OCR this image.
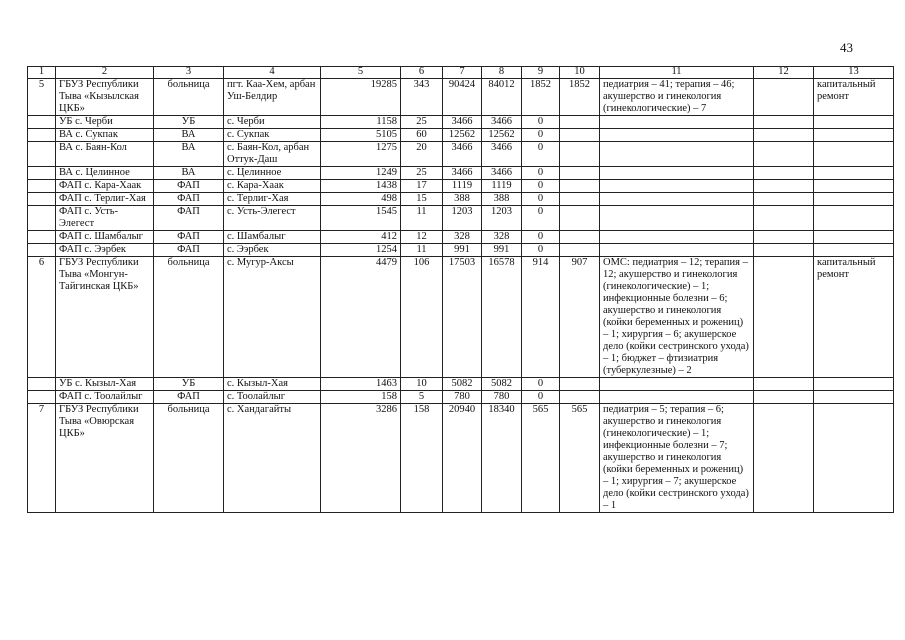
43
1	2	3	4	5	6	7	8	9	10	11	12	13
5	ГБУЗ Республики Тыва «Кызылская ЦКБ»	больница	пгт. Каа-Хем, арбан Уш-Белдир	19285	343	90424	84012	1852	1852	педиатрия – 41; терапия – 46; акушерство и гинекология (гинекологические) – 7		капитальный ремонт
	УБ с. Черби	УБ	с. Черби	1158	25	3466	3466	0				
	ВА с. Сукпак	ВА	с. Сукпак	5105	60	12562	12562	0				
	ВА с. Баян-Кол	ВА	с. Баян-Кол, арбан Оттук-Даш	1275	20	3466	3466	0				
	ВА с. Целинное	ВА	с. Целинное	1249	25	3466	3466	0				
	ФАП с. Кара-Хаак	ФАП	с. Кара-Хаак	1438	17	1119	1119	0				
	ФАП с. Терлиг-Хая	ФАП	с. Терлиг-Хая	498	15	388	388	0				
	ФАП с. Усть-Элегест	ФАП	с. Усть-Элегест	1545	11	1203	1203	0				
	ФАП с. Шамбалыг	ФАП	с. Шамбалыг	412	12	328	328	0				
	ФАП с. Ээрбек	ФАП	с. Ээрбек	1254	11	991	991	0				
6	ГБУЗ Республики Тыва «Монгун-Тайгинская ЦКБ»	больница	с. Мугур-Аксы	4479	106	17503	16578	914	907	ОМС: педиатрия – 12; терапия – 12; акушерство и гинекология (гинекологические) – 1; инфекционные болезни – 6; акушерство и гинекология (койки беременных и рожениц) – 1; хирургия – 6; акушерское дело (койки сестринского ухода) – 1; бюджет – фтизиатрия (туберкулезные) – 2		капитальный ремонт
	УБ с. Кызыл-Хая	УБ	с. Кызыл-Хая	1463	10	5082	5082	0				
	ФАП с. Тоолайлыг	ФАП	с. Тоолайлыг	158	5	780	780	0				
7	ГБУЗ Республики Тыва «Овюрская ЦКБ»	больница	с. Хандагайты	3286	158	20940	18340	565	565	педиатрия – 5; терапия – 6; акушерство и гинекология (гинекологические) – 1; инфекционные болезни – 7; акушерство и гинекология (койки беременных и рожениц) – 1; хирургия – 7; акушерское дело (койки сестринского ухода) – 1		
